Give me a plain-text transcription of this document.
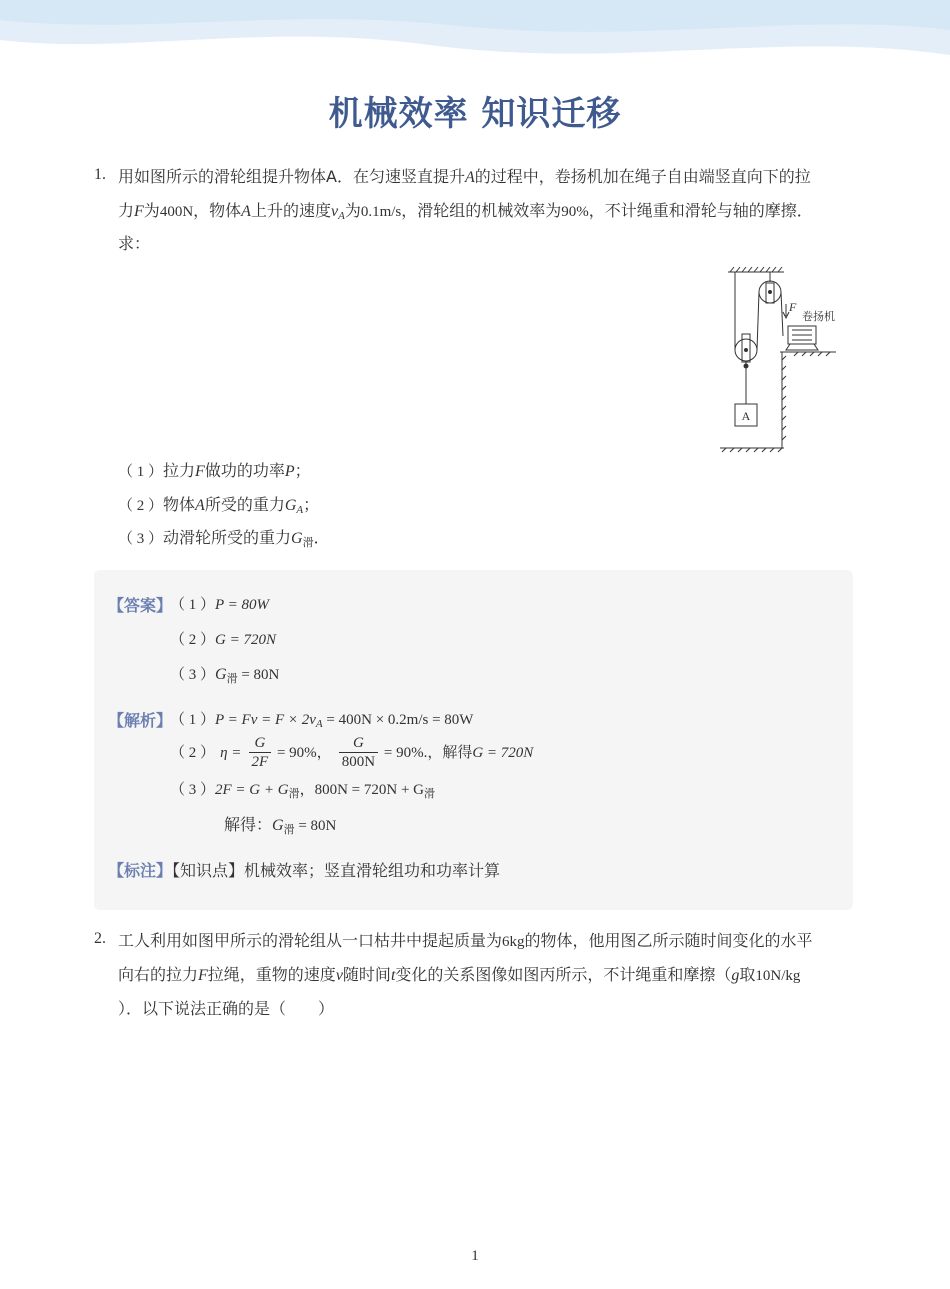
机械效率 知识迁移
1. 用如图所示的滑轮组提升物体A．在匀速竖直提升A的过程中，卷扬机加在绳子自由端竖直向下的拉
力F为400N，物体A上升的速度$v_A$为0.1m/s，滑轮组的机械效率为90%，不计绳重和滑轮与轴的摩擦．
求：
A
F
卷扬机
（ 1 ）拉力F做功的功率P；
（ 2 ）物体A所受的重力$G_A$；
（ 3 ）动滑轮所受的重力$G_滑$．
【答案】
（ 1 ）P = 80W
（ 2 ）G = 720N
（ 3 ）$G_滑 = 80N$
【解析】
（ 1 ）$P = Fv = F \times 2v_A = 400N \times 0.2m/s = 80W$
（ 2 ） $\eta = \frac{G}{2F} = 90\%$， $\frac{G}{800N} = 90\%$.，解得G = 720N
（ 3 ）$2F = G + G_滑$，$800N = 720N + G_滑$
解得：$G_滑 = 80N$
【标注】【知识点】机械效率；竖直滑轮组功和功率计算
2. 工人利用如图甲所示的滑轮组从一口枯井中提起质量为6kg的物体，他用图乙所示随时间变化的水平
向右的拉力F拉绳，重物的速度v随时间t变化的关系图像如图丙所示，不计绳重和摩擦（g取10N/kg
）．以下说法正确的是（　　）
1
